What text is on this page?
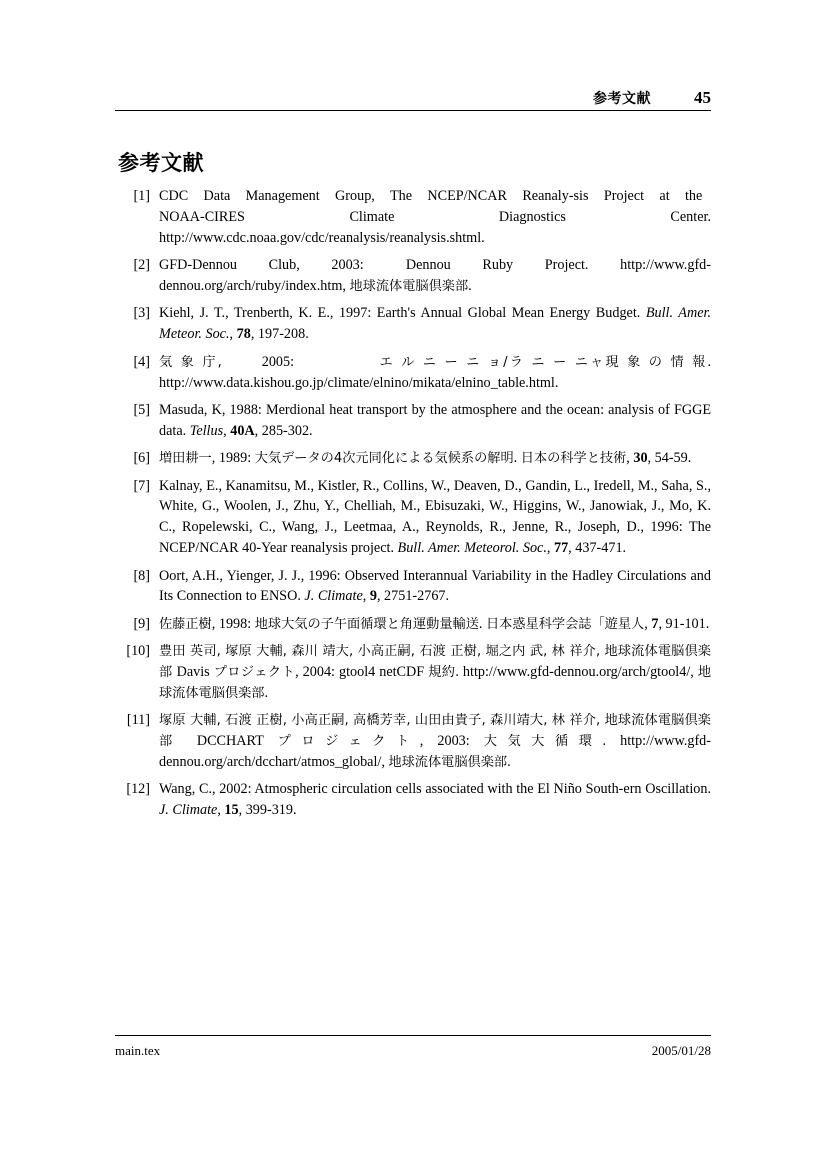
参考文献	45
参考文献
[1] CDC   Data   Management   Group,   The   NCEP/NCAR   Reanaly-sis   Project   at   the   NOAA-CIRES   Climate   Diagnostics   Center. http://www.cdc.noaa.gov/cdc/reanalysis/reanalysis.shtml.
[2] GFD-Dennou   Club,   2003:    Dennou   Ruby   Project.   http://www.gfd-dennou.org/arch/ruby/index.htm, 地球流体電脳倶楽部.
[3] Kiehl, J. T., Trenberth, K. E., 1997: Earth's Annual Global Mean Energy Budget. Bull. Amer. Meteor. Soc., 78, 197-208.
[4] 気 象 庁,       2005:               エ ル ニ ー ニ ョ/ラ ニ ー ニャ現 象 の 情 報. http://www.data.kishou.go.jp/climate/elnino/mikata/elnino_table.html.
[5] Masuda, K, 1988: Merdional heat transport by the atmosphere and the ocean: analysis of FGGE data. Tellus, 40A, 285-302.
[6] 増田耕一, 1989: 大気データの4次元同化による気候系の解明. 日本の科学と技術, 30, 54-59.
[7] Kalnay, E., Kanamitsu, M., Kistler, R., Collins, W., Deaven, D., Gandin, L., Iredell, M., Saha, S., White, G., Woolen, J., Zhu, Y., Chelliah, M., Ebisuzaki, W., Higgins, W., Janowiak, J., Mo, K. C., Ropelewski, C., Wang, J., Leetmaa, A., Reynolds, R., Jenne, R., Joseph, D., 1996: The NCEP/NCAR 40-Year reanalysis project. Bull. Amer. Meteorol. Soc., 77, 437-471.
[8] Oort, A.H., Yienger, J. J., 1996: Observed Interannual Variability in the Hadley Circulations and Its Connection to ENSO. J. Climate, 9, 2751-2767.
[9] 佐藤正樹, 1998: 地球大気の子午面循環と角運動量輸送. 日本惑星科学会誌「遊星人, 7, 91-101.
[10] 豊田 英司, 塚原 大輔, 森川 靖大, 小高正嗣, 石渡 正樹, 堀之内 武, 林 祥介, 地球流体電脳倶楽部 Davis プロジェクト, 2004: gtool4 netCDF 規約. http://www.gfd-dennou.org/arch/gtool4/, 地球流体電脳倶楽部.
[11] 塚原 大輔, 石渡 正樹, 小高正嗣, 高橋芳幸, 山田由貴子, 森川靖大, 林 祥介, 地球流体電脳倶楽部 DCCHART プロジェクト, 2003: 大気大循環. http://www.gfd-dennou.org/arch/dcchart/atmos_global/, 地球流体電脳倶楽部.
[12] Wang, C., 2002: Atmospheric circulation cells associated with the El Niño South-ern Oscillation. J. Climate, 15, 399-319.
main.tex	2005/01/28
